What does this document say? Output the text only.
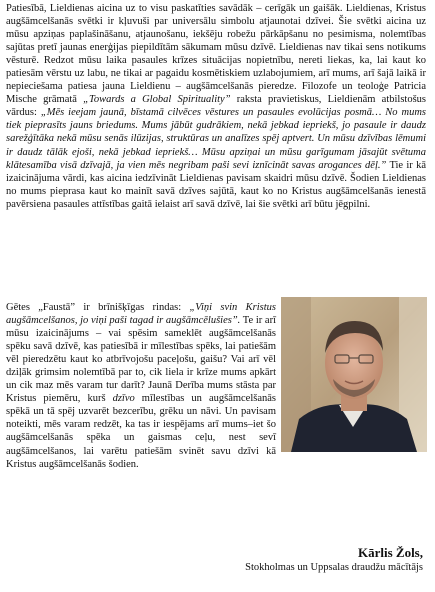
Patiesībā, Lieldienas aicina uz to visu paskatīties savādāk – cerīgāk un gaišāk. Lieldienas, Kristus augšāmcelšanās svētki ir kļuvuši par universālu simbolu atjaunotai dzīvei. Šie svētki aicina uz mūsu apziņas paplašināšanu, atjaunošanu, iekšēju robežu pārkāpšanu no pesimisma, nolemtības sajūtas pretī jaunas enerģijas piepildītām sākumam mūsu dzīvē. Lieldienas nav tikai sens notikums vēsturē. Redzot mūsu laika pasaules krīzes situācijas nopietnību, nereti liekas, ka, lai kaut ko patiesām vērstu uz labu, ne tikai ar pagaidu kosmētiskiem uzlabojumiem, arī mums, arī šajā laikā ir nepieciešama patiesa jauna Lieldienu – augšāmcelšanās pieredze. Filozofe un teoloģe Patricia Mische grāmatā „Towards a Global Spirituality” raksta pravietiskus, Lieldienām atbilstošus vārdus: „Mēs ieejam jaunā, bīstamā cilvēces vēstures un pasaules evolūcijas posmā… No mums tiek pieprasīts jauns briedums. Mums jābūt gudrākiem, nekā jebkad iepriekš, jo pasaule ir daudz sarežģītāka nekā mūsu senās ilūzijas, struktūras un analīzes spēj aptvert. Un mūsu dzīvības lēmumi ir daudz tālāk ejoši, nekā jebkad iepriekš… Mūsu apziņai un mūsu garīgumam jāsajūt svētuma klātesamība visā dzīvajā, ja vien mēs negribam paši sevi iznīcināt savas arogances dēļ.” Tie ir kā izaicinājuma vārdi, kas aicina iedzīvināt Lieldienas pavisam skaidri mūsu dzīvē. Šodien Lieldienas no mums pieprasa kaut ko mainīt savā dzīves sajūtā, kaut ko no Kristus augšāmcelšanās ienestā pavērsiena pasaules attīstības gaitā ielaist arī savā dzīvē, lai šie svētki arī būtu jēgpilni.

Gētes „Faustā” ir brīnišķīgas rindas: „Viņi svin Kristus augšāmcelšanos, jo viņi paši tagad ir augšāmcēlušies”. Te ir arī mūsu izaicinājums – vai spēsim sameklēt augšāmcelšanās spēku savā dzīvē, kas patiesībā ir mīlestības spēks, lai patiešām vēl pieredzētu kaut ko atbrīvojošu paceļošu, gaišu? Vai arī vēl dziļāk grimsim nolemtībā par to, cik liela ir krīze mums apkārt un cik maz mēs varam tur darīt? Jaunā Derība mums stāsta par Kristus piemēru, kurš dzīvo mīlestības un augšāmcelšanās spēkā un tā spēj uzvarēt bezcerību, grēku un nāvi. Un pavisam noteikti, mēs varam redzēt, ka tas ir iespējams arī mums–iet šo augšāmcelšanās spēka un gaismas ceļu, nest sevī augšāmcelšanos, lai varētu patiešām svinēt savu dzīvi kā Kristus augšāmcelšanās šodien.

Kārlis Žols,
Stokholmas un Uppsalas draudžu mācītājs
